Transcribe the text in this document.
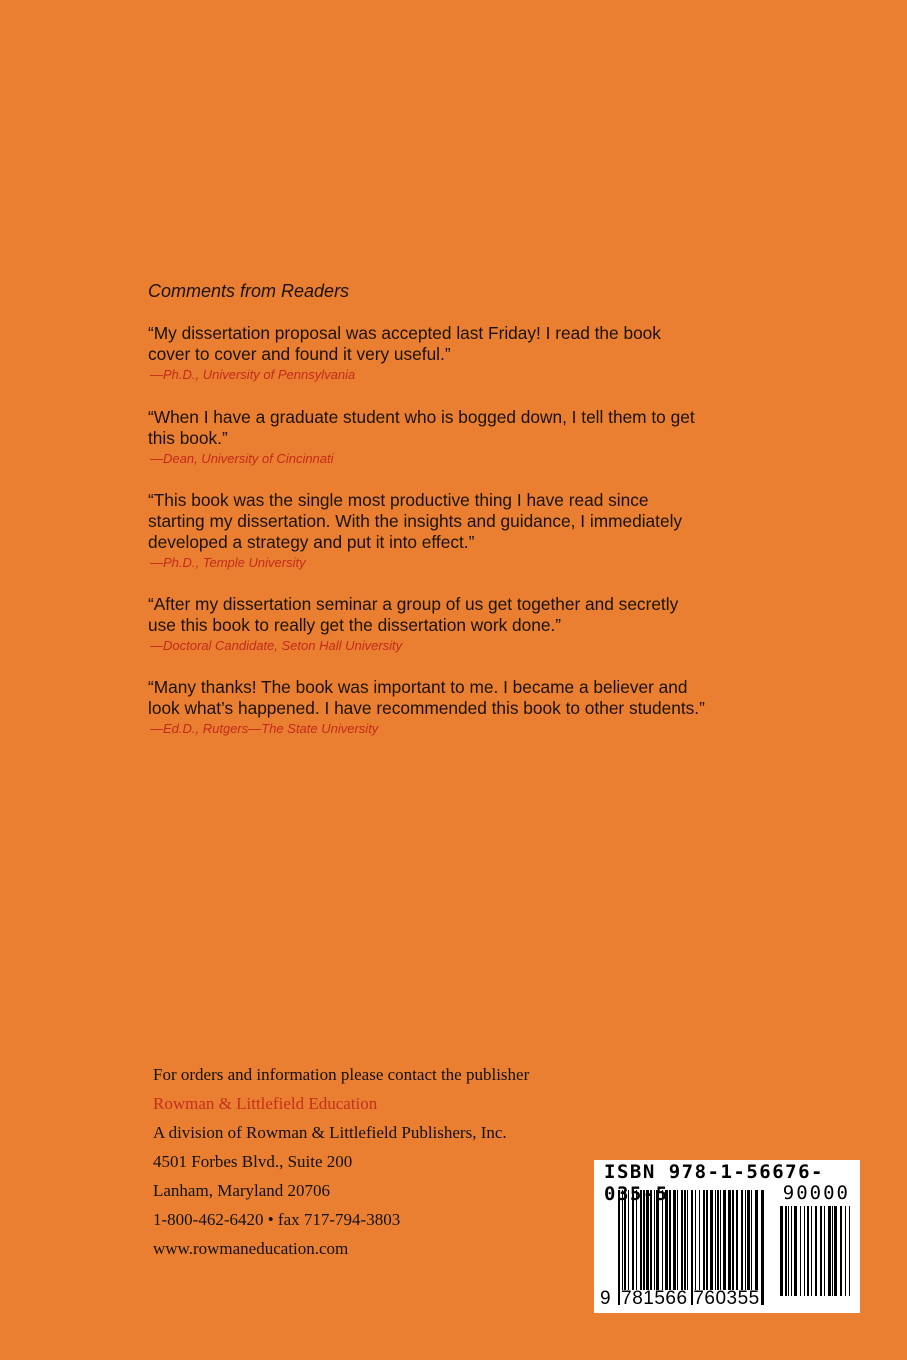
Comments from Readers
“My dissertation proposal was accepted last Friday! I read the book
cover to cover and found it very useful.”
—Ph.D., University of Pennsylvania
“When I have a graduate student who is bogged down, I tell them to get
this book.”
—Dean, University of Cincinnati
“This book was the single most productive thing I have read since
starting my dissertation. With the insights and guidance, I immediately
developed a strategy and put it into effect.”
—Ph.D., Temple University
“After my dissertation seminar a group of us get together and secretly
use this book to really get the dissertation work done.”
—Doctoral Candidate, Seton Hall University
“Many thanks! The book was important to me. I became a believer and
look what’s happened. I have recommended this book to other students.”
—Ed.D., Rutgers—The State University
For orders and information please contact the publisher
Rowman & Littlefield Education
A division of Rowman & Littlefield Publishers, Inc.
4501 Forbes Blvd., Suite 200
Lanham, Maryland 20706
1-800-462-6420 • fax 717-794-3803
www.rowmaneducation.com
ISBN 978-1-56676-035-5	90000
9 781566 760355
